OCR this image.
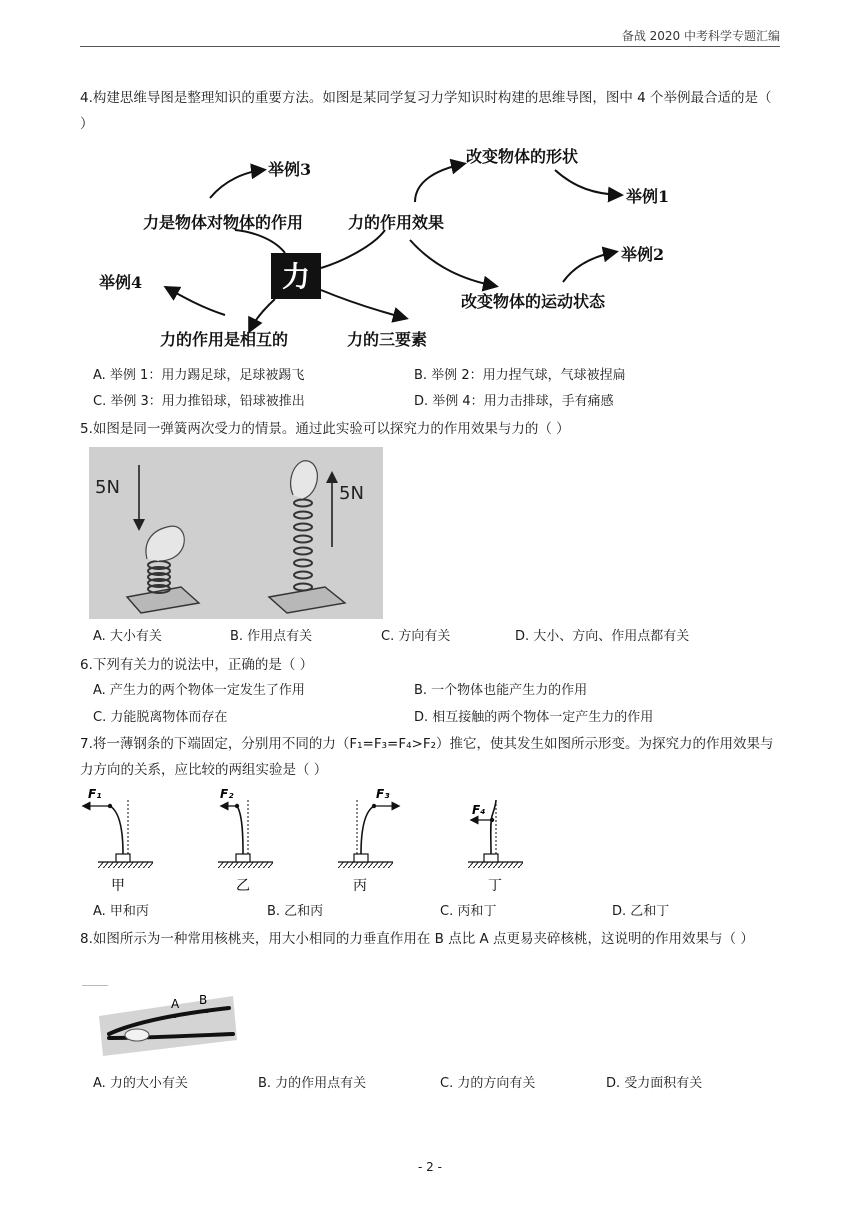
备战 2020 中考科学专题汇编
4.构建思维导图是整理知识的重要方法。如图是某同学复习力学知识时构建的思维导图，图中 4 个举例最合适的是（ ）
力
举例3
力是物体对物体的作用	力的作用效果
改变物体的形状
举例1
举例2
改变物体的运动状态
举例4
力的作用是相互的	力的三要素
A. 举例 1：用力踢足球，足球被踢飞	B. 举例 2：用力捏气球，气球被捏扁
C. 举例 3：用力推铅球，铅球被推出	D. 举例 4：用力击排球，手有痛感
5.如图是同一弹簧两次受力的情景。通过此实验可以探究力的作用效果与力的（ ）
5N	5N
A. 大小有关	B. 作用点有关	C. 方向有关	D. 大小、方向、作用点都有关
6.下列有关力的说法中，正确的是（ ）
A. 产生力的两个物体一定发生了作用	B. 一个物体也能产生力的作用
C. 力能脱离物体而存在	D. 相互接触的两个物体一定产生力的作用
7.将一薄钢条的下端固定，分别用不同的力（F₁=F₃=F₄>F₂）推它，使其发生如图所示形变。为探究力的作用效果与力方向的关系，应比较的两组实验是（ ）
F₁
甲
F₂
乙
F₃
丙
F₄
丁
A. 甲和丙	B. 乙和丙	C. 丙和丁	D. 乙和丁
8.如图所示为一种常用核桃夹，用大小相同的力垂直作用在 B 点比 A 点更易夹碎核桃，这说明的作用效果与（ ）
A B
A. 力的大小有关	B. 力的作用点有关	C. 力的方向有关	D. 受力面积有关
- 2 -
